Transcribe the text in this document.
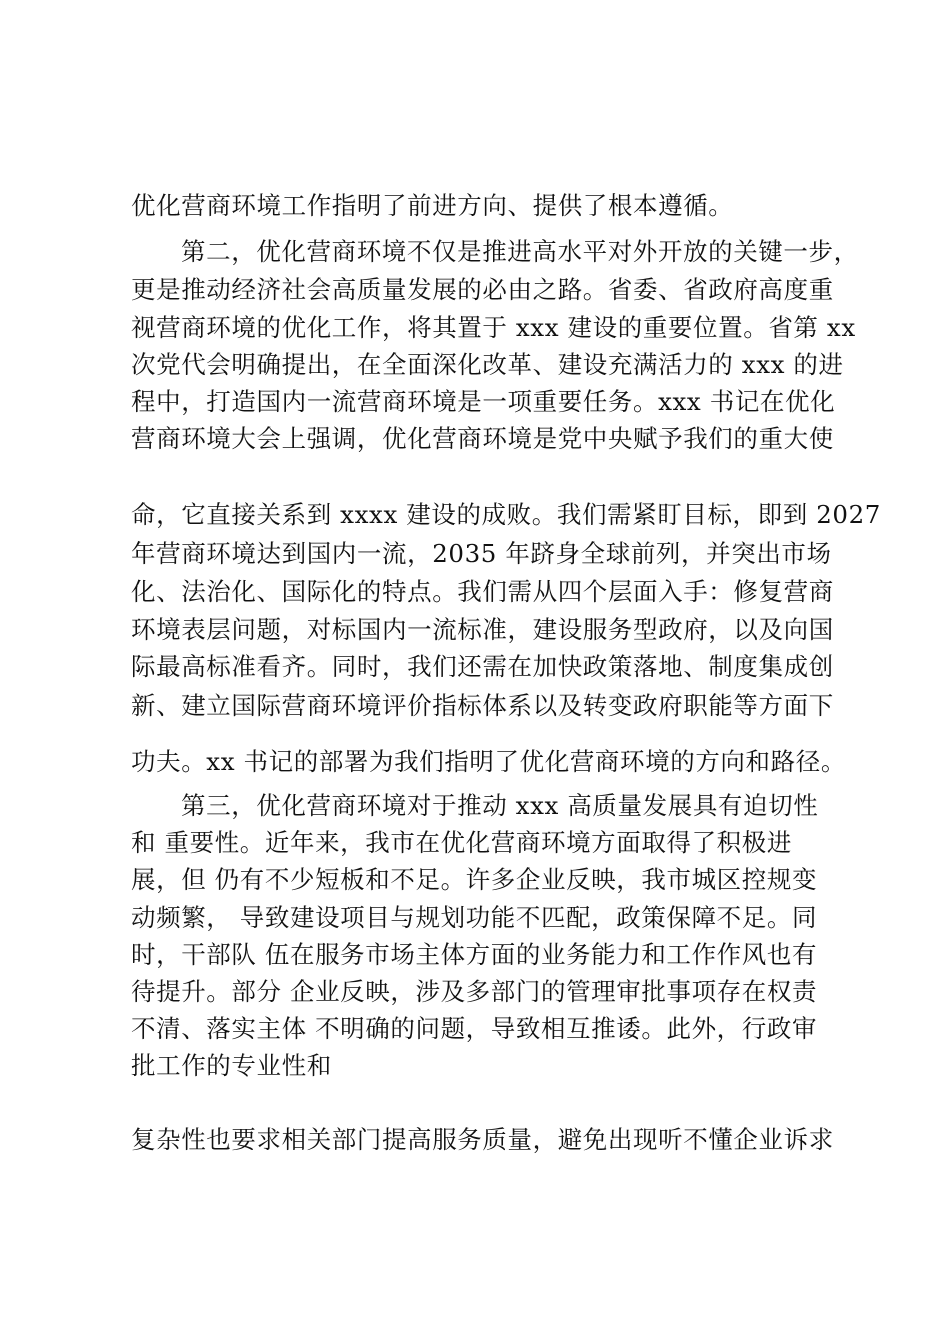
优化营商环境工作指明了前进方向、提供了根本遵循。
第二，优化营商环境不仅是推进高水平对外开放的关键一步，
更是推动经济社会高质量发展的必由之路。省委、省政府高度重
视营商环境的优化工作，将其置于 xxx 建设的重要位置。省第 xx
次党代会明确提出，在全面深化改革、建设充满活力的 xxx 的进
程中，打造国内一流营商环境是一项重要任务。xxx 书记在优化
营商环境大会上强调，优化营商环境是党中央赋予我们的重大使
命，它直接关系到 xxxx 建设的成败。我们需紧盯目标，即到 2027
年营商环境达到国内一流，2035 年跻身全球前列，并突出市场
化、法治化、国际化的特点。我们需从四个层面入手：修复营商
环境表层问题，对标国内一流标准，建设服务型政府，以及向国
际最高标准看齐。同时，我们还需在加快政策落地、制度集成创
新、建立国际营商环境评价指标体系以及转变政府职能等方面下
功夫。xx 书记的部署为我们指明了优化营商环境的方向和路径。
第三，优化营商环境对于推动 xxx 高质量发展具有迫切性
和 重要性。近年来，我市在优化营商环境方面取得了积极进
展，但 仍有不少短板和不足。许多企业反映，我市城区控规变
动频繁， 导致建设项目与规划功能不匹配，政策保障不足。同
时，干部队 伍在服务市场主体方面的业务能力和工作作风也有
待提升。部分 企业反映，涉及多部门的管理审批事项存在权责
不清、落实主体 不明确的问题，导致相互推诿。此外，行政审
批工作的专业性和
复杂性也要求相关部门提高服务质量，避免出现听不懂企业诉求
